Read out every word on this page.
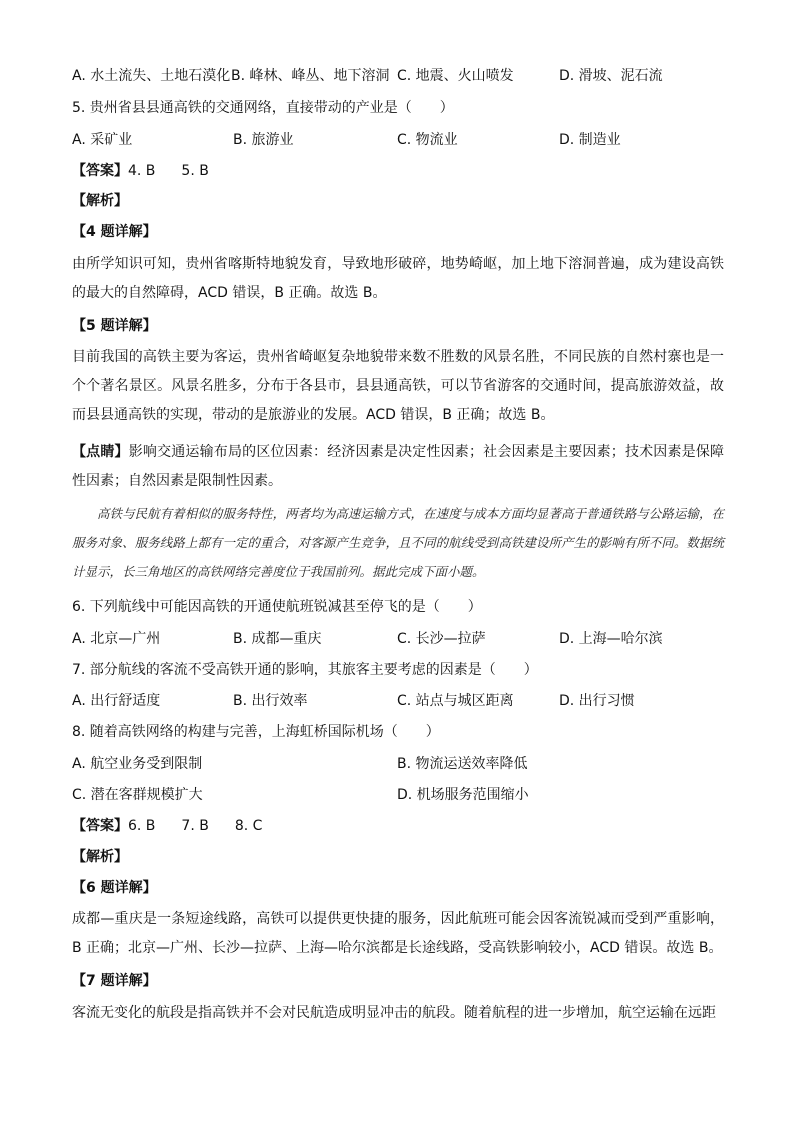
A. 水土流失、土地石漠化 B. 峰林、峰丛、地下溶洞 C. 地震、火山喷发	D. 滑坡、泥石流
5. 贵州省县县通高铁的交通网络，直接带动的产业是（　　）
A. 采矿业	B. 旅游业	C. 物流业	D. 制造业
【答案】4. B 5. B
【解析】
【4 题详解】
由所学知识可知，贵州省喀斯特地貌发育，导致地形破碎，地势崎岖，加上地下溶洞普遍，成为建设高铁的最大的自然障碍，ACD 错误，B 正确。故选 B。
【5 题详解】
目前我国的高铁主要为客运，贵州省崎岖复杂地貌带来数不胜数的风景名胜，不同民族的自然村寨也是一个个著名景区。风景名胜多，分布于各县市，县县通高铁，可以节省游客的交通时间，提高旅游效益，故而县县通高铁的实现，带动的是旅游业的发展。ACD 错误，B 正确；故选 B。
【点睛】影响交通运输布局的区位因素：经济因素是决定性因素；社会因素是主要因素；技术因素是保障性因素；自然因素是限制性因素。
高铁与民航有着相似的服务特性，两者均为高速运输方式，在速度与成本方面均显著高于普通铁路与公路运输，在服务对象、服务线路上都有一定的重合，对客源产生竞争，且不同的航线受到高铁建设所产生的影响有所不同。数据统计显示，长三角地区的高铁网络完善度位于我国前列。据此完成下面小题。
6. 下列航线中可能因高铁的开通使航班锐减甚至停飞的是（　　）
A. 北京—广州	B. 成都—重庆	C. 长沙—拉萨	D. 上海—哈尔滨
7. 部分航线的客流不受高铁开通的影响，其旅客主要考虑的因素是（　　）
A. 出行舒适度	B. 出行效率	C. 站点与城区距离	D. 出行习惯
8. 随着高铁网络的构建与完善，上海虹桥国际机场（　　）
A. 航空业务受到限制	B. 物流运送效率降低
C. 潜在客群规模扩大	D. 机场服务范围缩小
【答案】6. B 7. B 8. C
【解析】
【6 题详解】
成都—重庆是一条短途线路，高铁可以提供更快捷的服务，因此航班可能会因客流锐减而受到严重影响，B 正确；北京—广州、长沙—拉萨、上海—哈尔滨都是长途线路，受高铁影响较小，ACD 错误。故选 B。
【7 题详解】
客流无变化的航段是指高铁并不会对民航造成明显冲击的航段。随着航程的进一步增加，航空运输在远距
